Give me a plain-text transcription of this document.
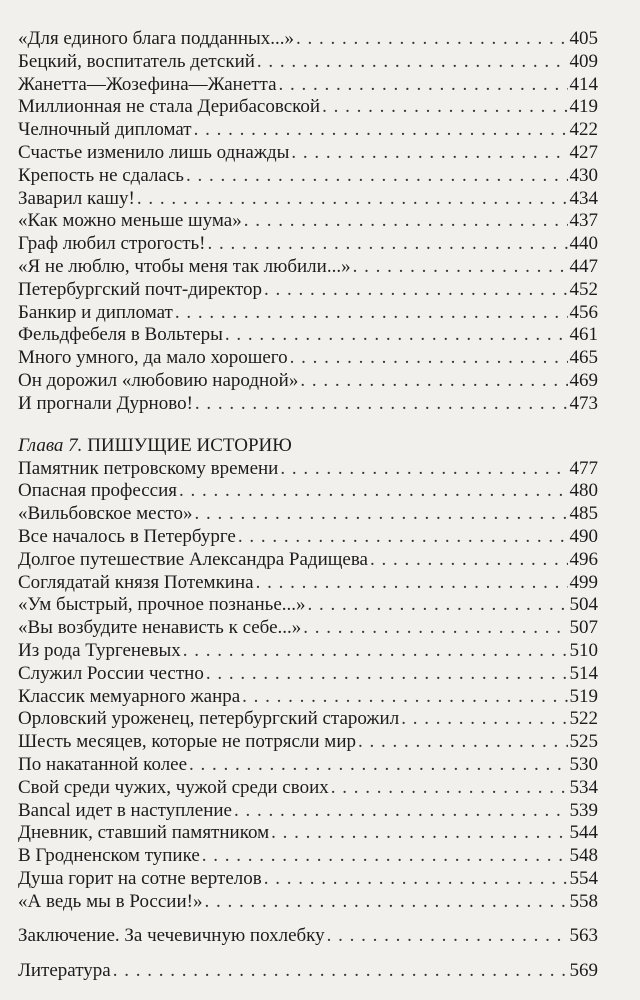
«Для единого блага подданных...» . . .	405
Бецкий, воспитатель детский . . .	409
Жанетта—Жозефина—Жанетта . . .	414
Миллионная не стала Дерибасовской . . .	419
Челночный дипломат . . .	422
Счастье изменило лишь однажды . . .	427
Крепость не сдалась . . .	430
Заварил кашу! . . .	434
«Как можно меньше шума» . . .	437
Граф любил строгость! . . .	440
«Я не люблю, чтобы меня так любили...» . . .	447
Петербургский почт-директор . . .	452
Банкир и дипломат . . .	456
Фельдфебеля в Вольтеры . . .	461
Много умного, да мало хорошего . . .	465
Он дорожил «любовию народной» . . .	469
И прогнали Дурново! . . .	473
Глава 7. ПИШУЩИЕ ИСТОРИЮ
Памятник петровскому времени . . .	477
Опасная профессия . . .	480
«Вильбовское место» . . .	485
Все началось в Петербурге . . .	490
Долгое путешествие Александра Радищева . . .	496
Соглядатай князя Потемкина . . .	499
«Ум быстрый, прочное познанье...» . . .	504
«Вы возбудите ненависть к себе...» . . .	507
Из рода Тургеневых . . .	510
Служил России честно . . .	514
Классик мемуарного жанра . . .	519
Орловский уроженец, петербургский старожил . . .	522
Шесть месяцев, которые не потрясли мир . . .	525
По накатанной колее . . .	530
Свой среди чужих, чужой среди своих . . .	534
Bancal идет в наступление . . .	539
Дневник, ставший памятником . . .	544
В Гродненском тупике . . .	548
Душа горит на сотне вертелов . . .	554
«А ведь мы в России!» . . .	558
Заключение. За чечевичную похлебку . . .	563
Литература . . .	569
